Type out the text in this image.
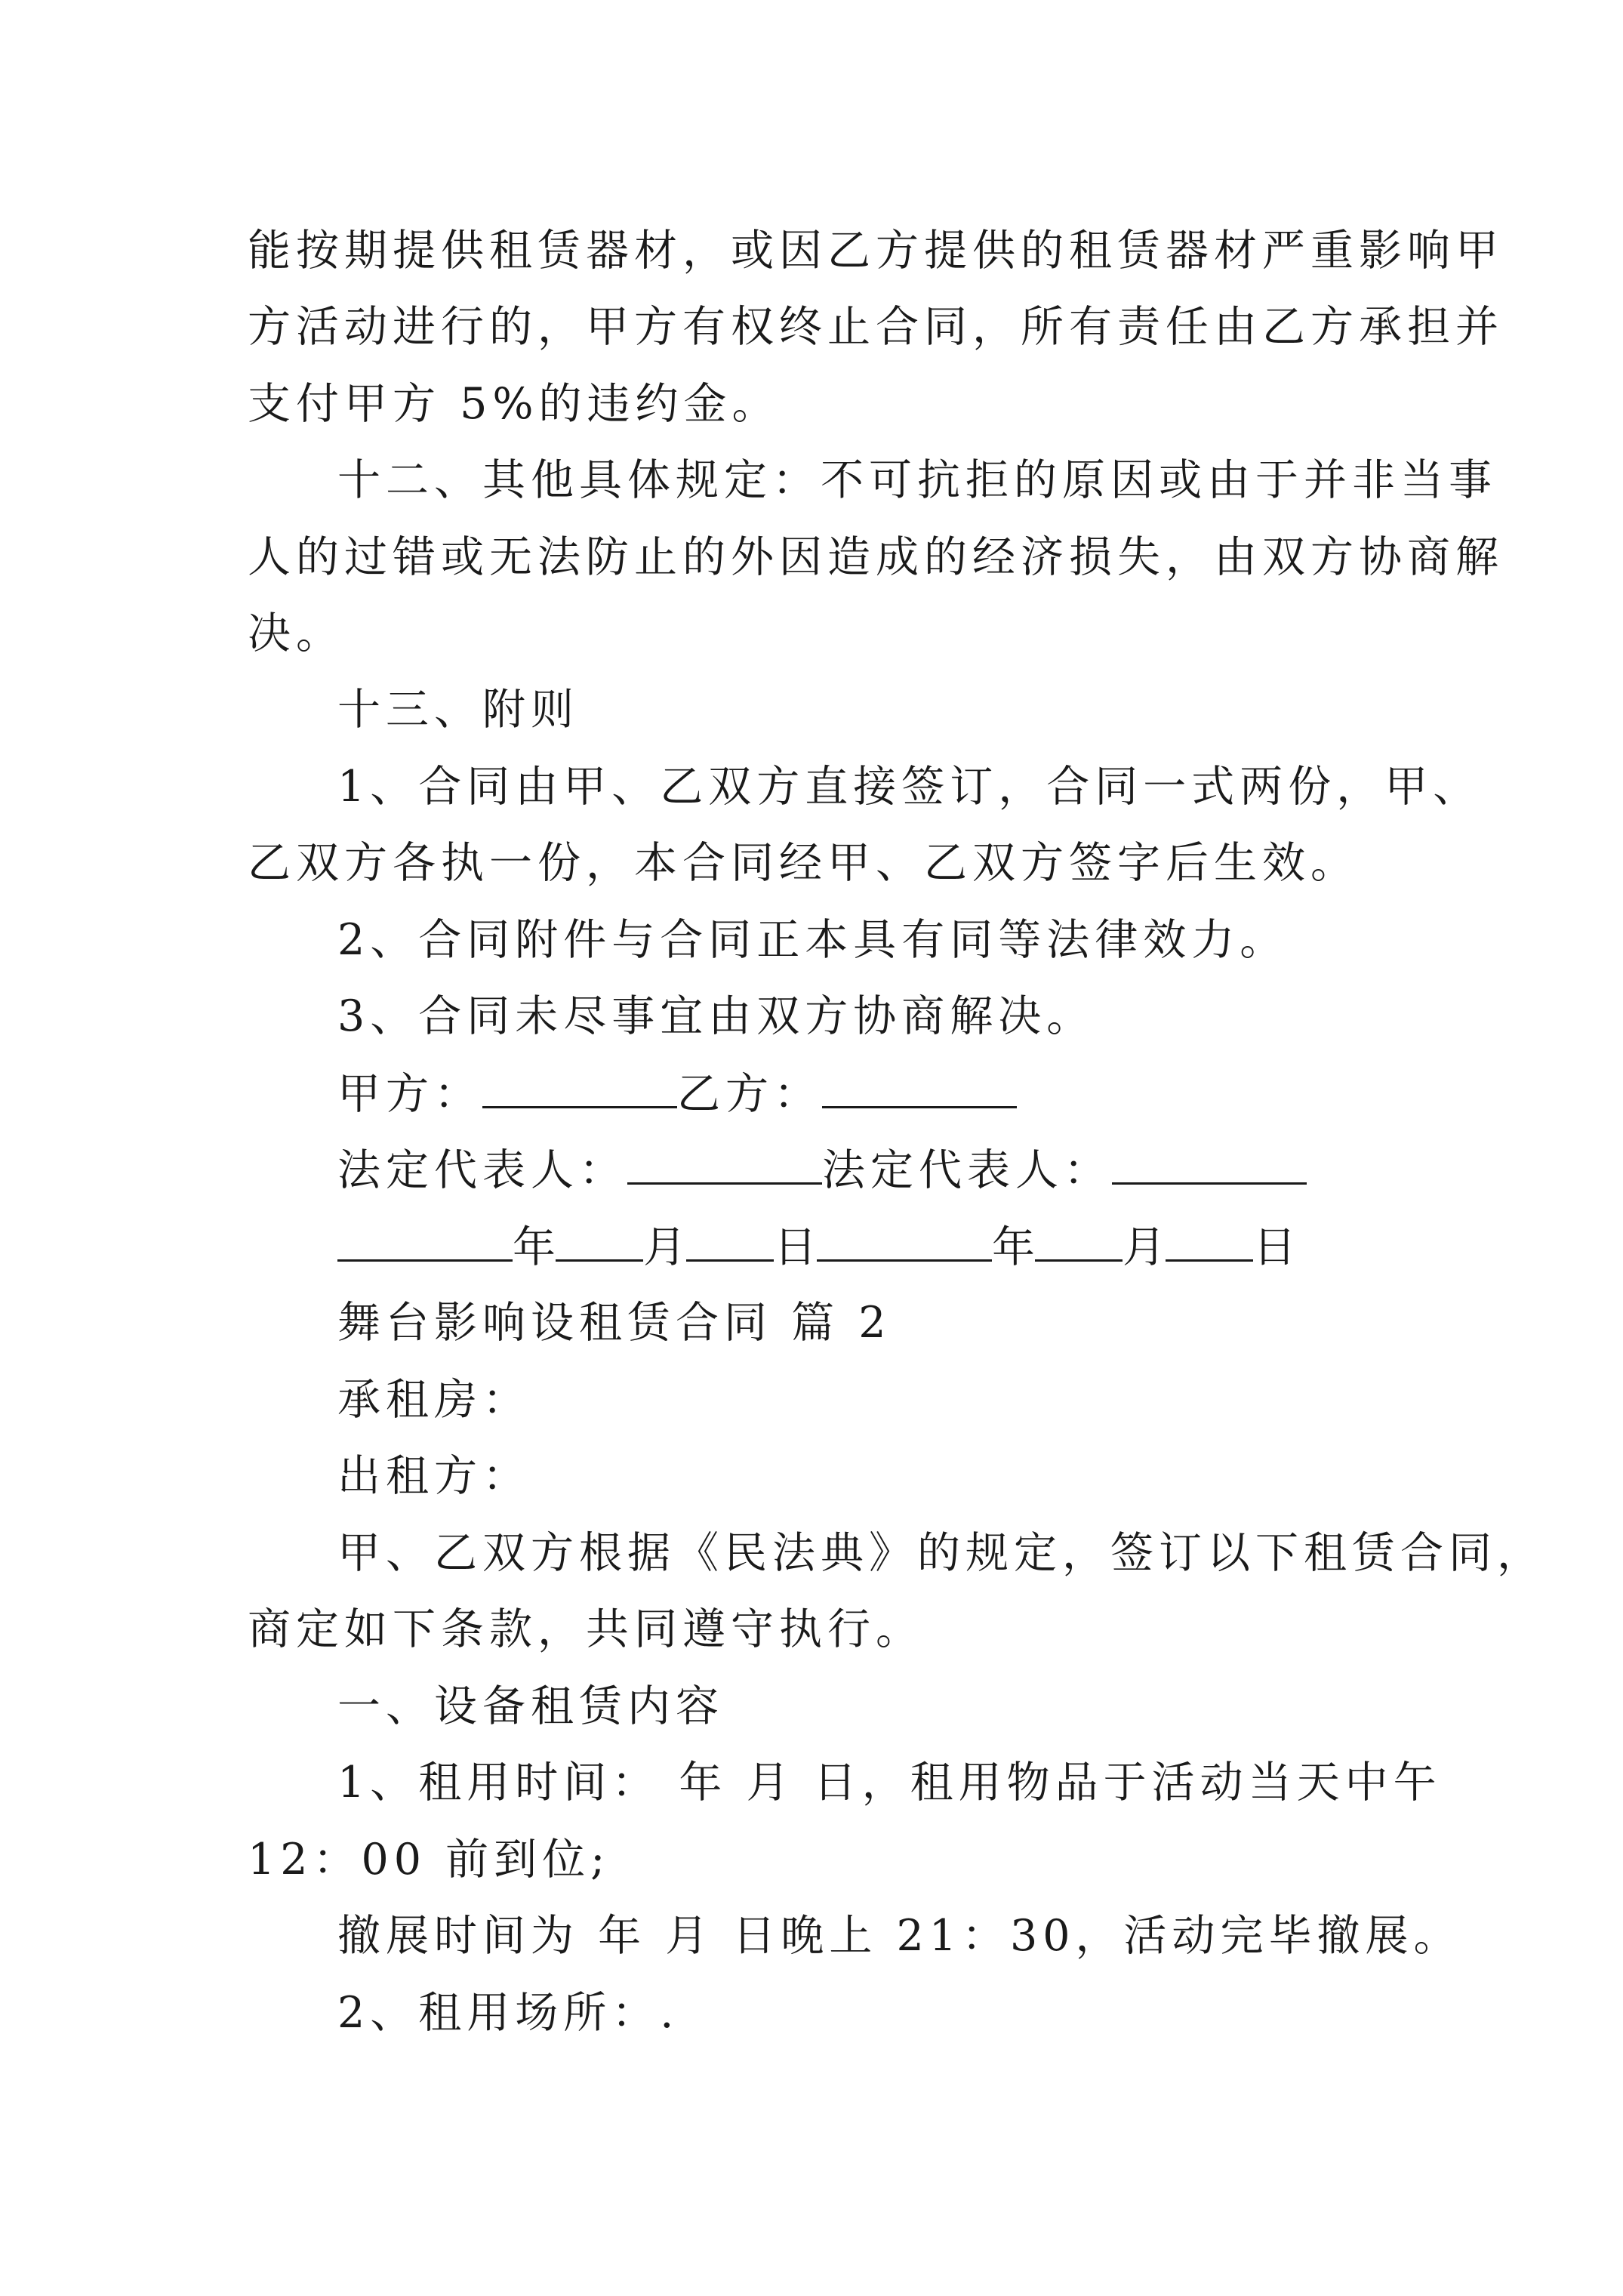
能按期提供租赁器材，或因乙方提供的租赁器材严重影响甲
方活动进行的，甲方有权终止合同，所有责任由乙方承担并
支付甲方 5%的违约金。
十二、其他具体规定：不可抗拒的原因或由于并非当事
人的过错或无法防止的外因造成的经济损失，由双方协商解
决。
十三、附则
1、合同由甲、乙双方直接签订，合同一式两份，甲、
乙双方各执一份，本合同经甲、乙双方签字后生效。
2、合同附件与合同正本具有同等法律效力。
3、合同未尽事宜由双方协商解决。
甲方：	乙方：
法定代表人：	法定代表人：
年 月 日	年 月 日
舞台影响设租赁合同 篇 2
承租房：
出租方：
甲、乙双方根据《民法典》的规定，签订以下租赁合同，
商定如下条款，共同遵守执行。
一、设备租赁内容
1、租用时间： 年 月 日，租用物品于活动当天中午
12：00 前到位;
撤展时间为 年 月 日晚上 21：30，活动完毕撤展。
2、租用场所：.
